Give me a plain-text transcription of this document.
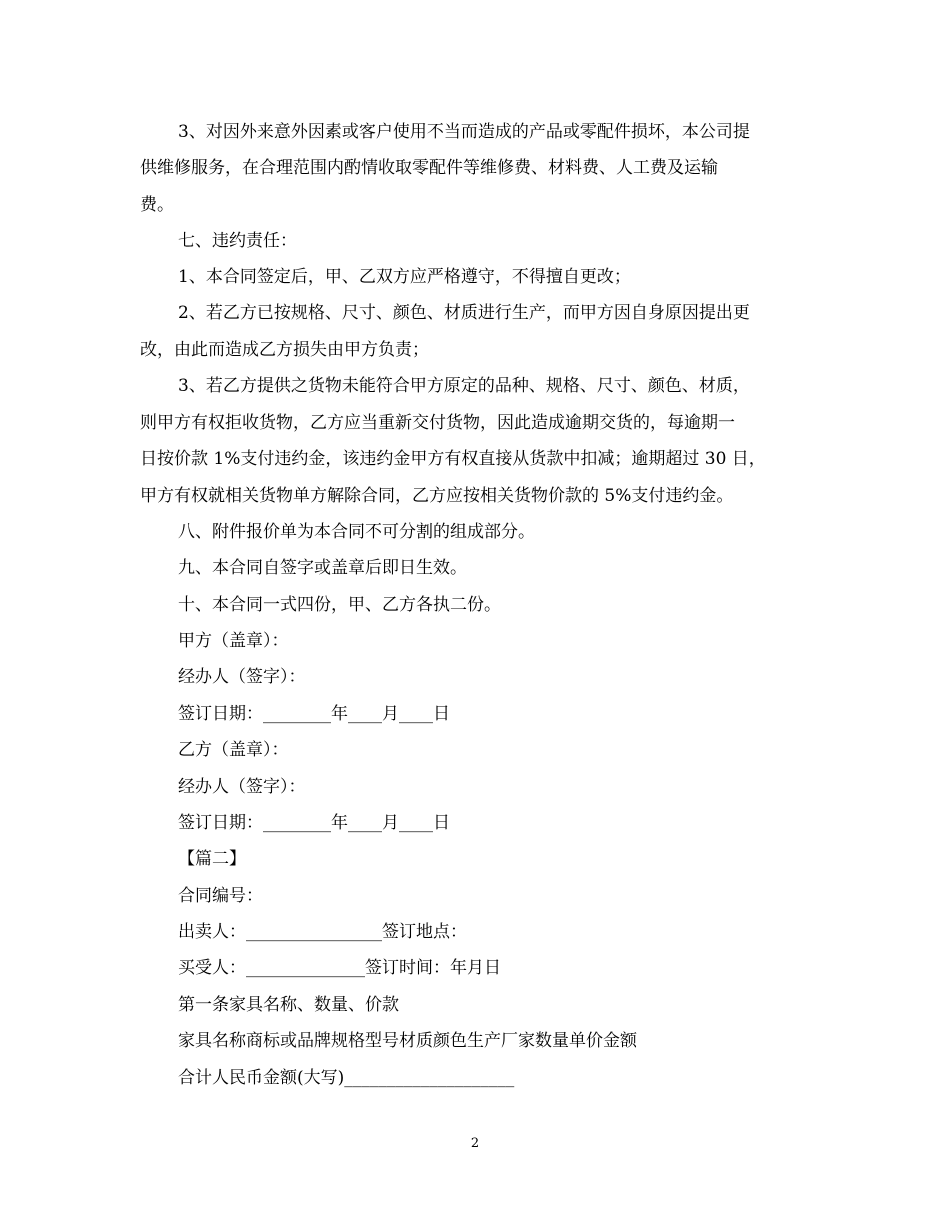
3、对因外来意外因素或客户使用不当而造成的产品或零配件损坏，本公司提
供维修服务，在合理范围内酌情收取零配件等维修费、材料费、人工费及运输
费。
七、违约责任：
1、本合同签定后，甲、乙双方应严格遵守，不得擅自更改；
2、若乙方已按规格、尺寸、颜色、材质进行生产，而甲方因自身原因提出更
改，由此而造成乙方损失由甲方负责；
3、若乙方提供之货物未能符合甲方原定的品种、规格、尺寸、颜色、材质，
则甲方有权拒收货物，乙方应当重新交付货物，因此造成逾期交货的，每逾期一
日按价款 1%支付违约金，该违约金甲方有权直接从货款中扣减；逾期超过 30 日，
甲方有权就相关货物单方解除合同，乙方应按相关货物价款的 5%支付违约金。
八、附件报价单为本合同不可分割的组成部分。
九、本合同自签字或盖章后即日生效。
十、本合同一式四份，甲、乙方各执二份。
甲方（盖章）：
经办人（签字）：
签订日期：________年____月____日
乙方（盖章）：
经办人（签字）：
签订日期：________年____月____日
【篇二】
合同编号：
出卖人：________________签订地点：
买受人：______________签订时间：年月日
第一条家具名称、数量、价款
家具名称商标或品牌规格型号材质颜色生产厂家数量单价金额
合计人民币金额(大写)____________________
2
